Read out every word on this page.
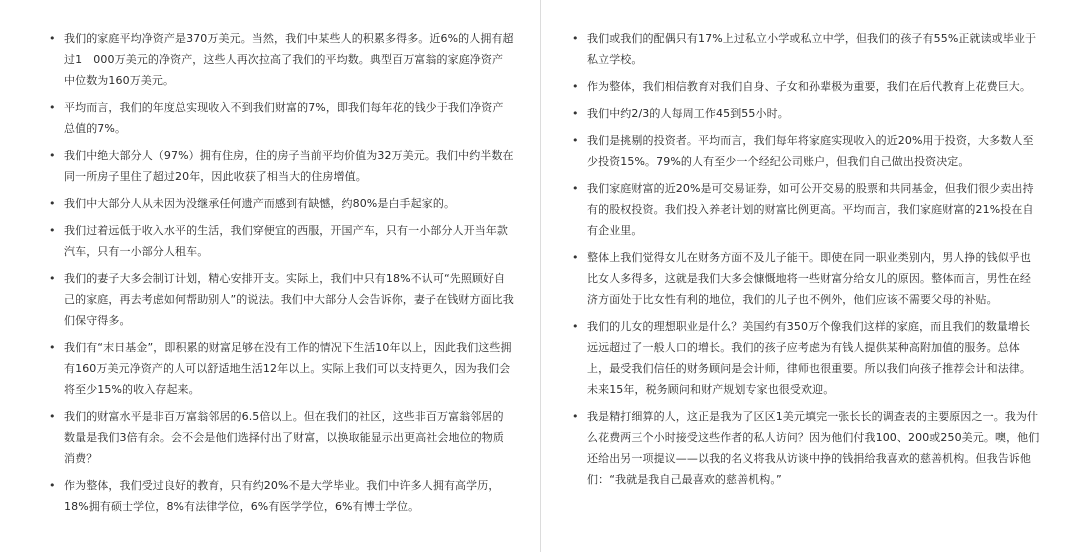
• 我们的家庭平均净资产是370万美元。当然，我们中某些人的积累多得多。近6%的人拥有超过1　000万美元的净资产，这些人再次拉高了我们的平均数。典型百万富翁的家庭净资产中位数为160万美元。
• 平均而言，我们的年度总实现收入不到我们财富的7%，即我们每年花的钱少于我们净资产总值的7%。
• 我们中绝大部分人（97%）拥有住房，住的房子当前平均价值为32万美元。我们中约半数在同一所房子里住了超过20年，因此收获了相当大的住房增值。
• 我们中大部分人从未因为没继承任何遗产而感到有缺憾，约80%是白手起家的。
• 我们过着远低于收入水平的生活，我们穿便宜的西服，开国产车，只有一小部分人开当年款汽车，只有一小部分人租车。
• 我们的妻子大多会制订计划，精心安排开支。实际上，我们中只有18%不认可“先照顾好自己的家庭，再去考虑如何帮助别人”的说法。我们中大部分人会告诉你，妻子在钱财方面比我们保守得多。
• 我们有“末日基金”，即积累的财富足够在没有工作的情况下生活10年以上，因此我们这些拥有160万美元净资产的人可以舒适地生活12年以上。实际上我们可以支持更久，因为我们会将至少15%的收入存起来。
• 我们的财富水平是非百万富翁邻居的6.5倍以上。但在我们的社区，这些非百万富翁邻居的数量是我们3倍有余。会不会是他们选择付出了财富，以换取能显示出更高社会地位的物质消费？
• 作为整体，我们受过良好的教育，只有约20%不是大学毕业。我们中许多人拥有高学历，18%拥有硕士学位，8%有法律学位，6%有医学学位，6%有博士学位。
• 我们或我们的配偶只有17%上过私立小学或私立中学，但我们的孩子有55%正就读或毕业于私立学校。
• 作为整体，我们相信教育对我们自身、子女和孙辈极为重要，我们在后代教育上花费巨大。
• 我们中约2/3的人每周工作45到55小时。
• 我们是挑剔的投资者。平均而言，我们每年将家庭实现收入的近20%用于投资，大多数人至少投资15%。79%的人有至少一个经纪公司账户，但我们自己做出投资决定。
• 我们家庭财富的近20%是可交易证券，如可公开交易的股票和共同基金，但我们很少卖出持有的股权投资。我们投入养老计划的财富比例更高。平均而言，我们家庭财富的21%投在自有企业里。
• 整体上我们觉得女儿在财务方面不及儿子能干。即使在同一职业类别内，男人挣的钱似乎也比女人多得多，这就是我们大多会慷慨地将一些财富分给女儿的原因。整体而言，男性在经济方面处于比女性有利的地位，我们的儿子也不例外，他们应该不需要父母的补贴。
• 我们的儿女的理想职业是什么？美国约有350万个像我们这样的家庭，而且我们的数量增长远远超过了一般人口的增长。我们的孩子应考虑为有钱人提供某种高附加值的服务。总体上，最受我们信任的财务顾问是会计师，律师也很重要。所以我们向孩子推荐会计和法律。未来15年，税务顾问和财产规划专家也很受欢迎。
• 我是精打细算的人，这正是我为了区区1美元填完一张长长的调查表的主要原因之一。我为什么花费两三个小时接受这些作者的私人访问？因为他们付我100、200或250美元。噢，他们还给出另一项提议——以我的名义将我从访谈中挣的钱捐给我喜欢的慈善机构。但我告诉他们：“我就是我自己最喜欢的慈善机构。”
